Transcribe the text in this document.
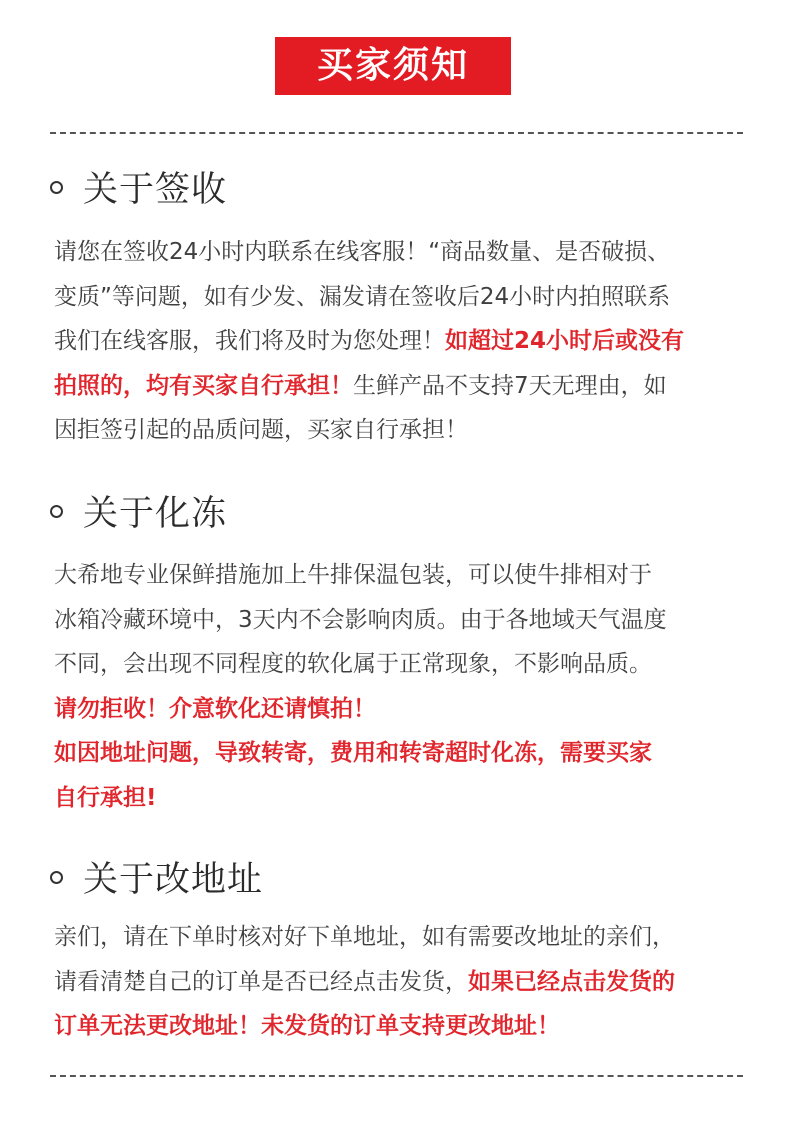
买家须知
关于签收
请您在签收24小时内联系在线客服！“商品数量、是否破损、
变质”等问题，如有少发、漏发请在签收后24小时内拍照联系
我们在线客服，我们将及时为您处理！如超过24小时后或没有
拍照的，均有买家自行承担！生鲜产品不支持7天无理由，如
因拒签引起的品质问题，买家自行承担！
关于化冻
大希地专业保鲜措施加上牛排保温包装，可以使牛排相对于
冰箱冷藏环境中，3天内不会影响肉质。由于各地域天气温度
不同，会出现不同程度的软化属于正常现象，不影响品质。
请勿拒收！介意软化还请慎拍！
如因地址问题，导致转寄，费用和转寄超时化冻，需要买家
自行承担!
关于改地址
亲们，请在下单时核对好下单地址，如有需要改地址的亲们，
请看清楚自己的订单是否已经点击发货，如果已经点击发货的
订单无法更改地址！未发货的订单支持更改地址！
